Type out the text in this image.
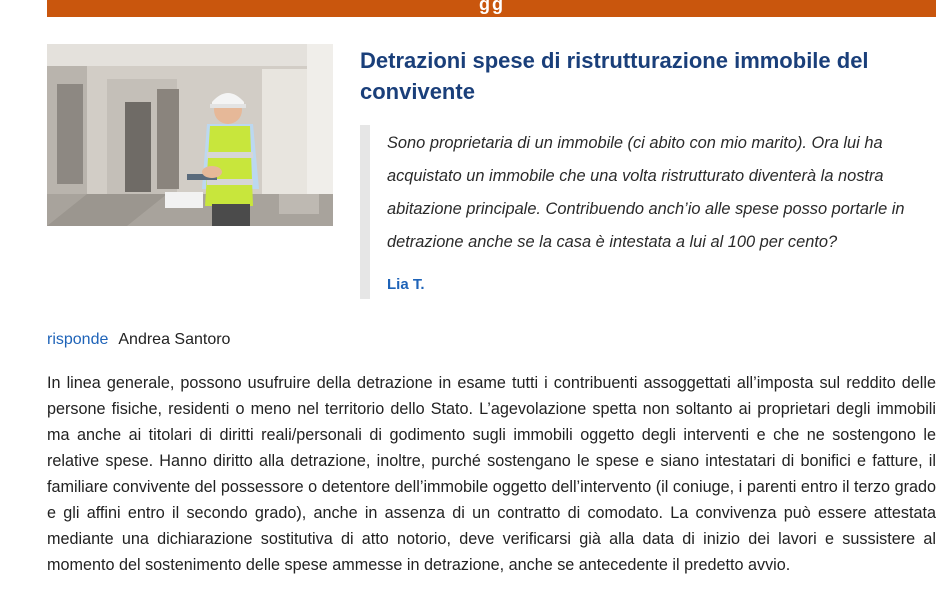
gg
Detrazioni spese di ristrutturazione immobile del convivente

Sono proprietaria di un immobile (ci abito con mio marito). Ora lui ha acquistato un immobile che una volta ristrutturato diventerà la nostra abitazione principale. Contribuendo anch’io alle spese posso portarle in detrazione anche se la casa è intestata a lui al 100 per cento?

Lia T.
risponde Andrea Santoro

In linea generale, possono usufruire della detrazione in esame tutti i contribuenti assoggettati all’imposta sul reddito delle persone fisiche, residenti o meno nel territorio dello Stato. L’agevolazione spetta non soltanto ai proprietari degli immobili ma anche ai titolari di diritti reali/personali di godimento sugli immobili oggetto degli interventi e che ne sostengono le relative spese. Hanno diritto alla detrazione, inoltre, purché sostengano le spese e siano intestatari di bonifici e fatture, il familiare convivente del possessore o detentore dell’immobile oggetto dell’intervento (il coniuge, i parenti entro il terzo grado e gli affini entro il secondo grado), anche in assenza di un contratto di comodato. La convivenza può essere attestata mediante una dichiarazione sostitutiva di atto notorio, deve verificarsi già alla data di inizio dei lavori e sussistere al momento del sostenimento delle spese ammesse in detrazione, anche se antecedente il predetto avvio.
